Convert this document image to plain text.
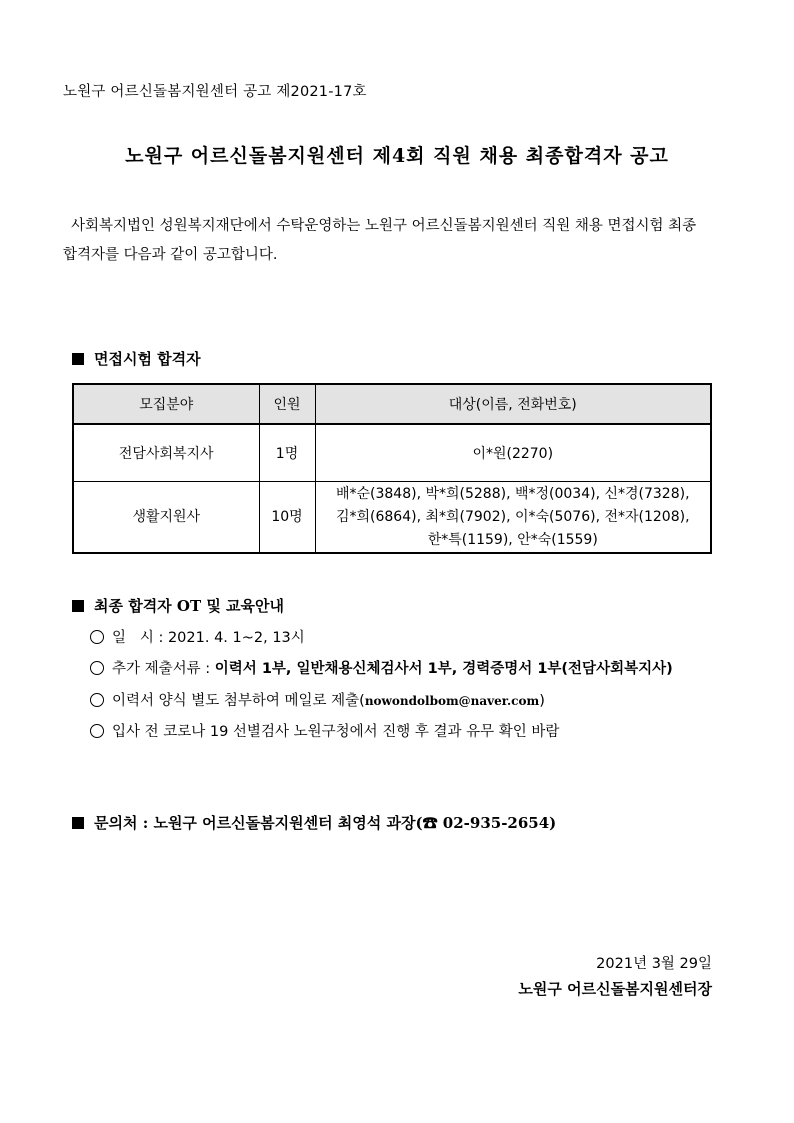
노원구 어르신돌봄지원센터 공고 제2021-17호
노원구 어르신돌봄지원센터 제4회 직원 채용 최종합격자 공고
사회복지법인 성원복지재단에서 수탁운영하는 노원구 어르신돌봄지원센터 직원 채용 면접시험 최종
합격자를 다음과 같이 공고합니다.
면접시험 합격자
모집분야	인원	대상(이름, 전화번호)
전담사회복지사	1명	이*원(2270)
생활지원사	10명	배*순(3848), 박*희(5288), 백*정(0034), 신*경(7328),
김*희(6864), 최*희(7902), 이*숙(5076), 전*자(1208),
한*특(1159), 안*숙(1559)
최종 합격자 OT 및 교육안내
일   시 : 2021. 4. 1~2, 13시
추가 제출서류 : 이력서 1부, 일반채용신체검사서 1부, 경력증명서 1부(전담사회복지사)
이력서 양식 별도 첨부하여 메일로 제출(nowondolbom@naver.com)
입사 전 코로나 19 선별검사 노원구청에서 진행 후 결과 유무 확인 바람
문의처 : 노원구 어르신돌봄지원센터 최영석 과장(☎ 02-935-2654)
2021년 3월 29일
노원구 어르신돌봄지원센터장
